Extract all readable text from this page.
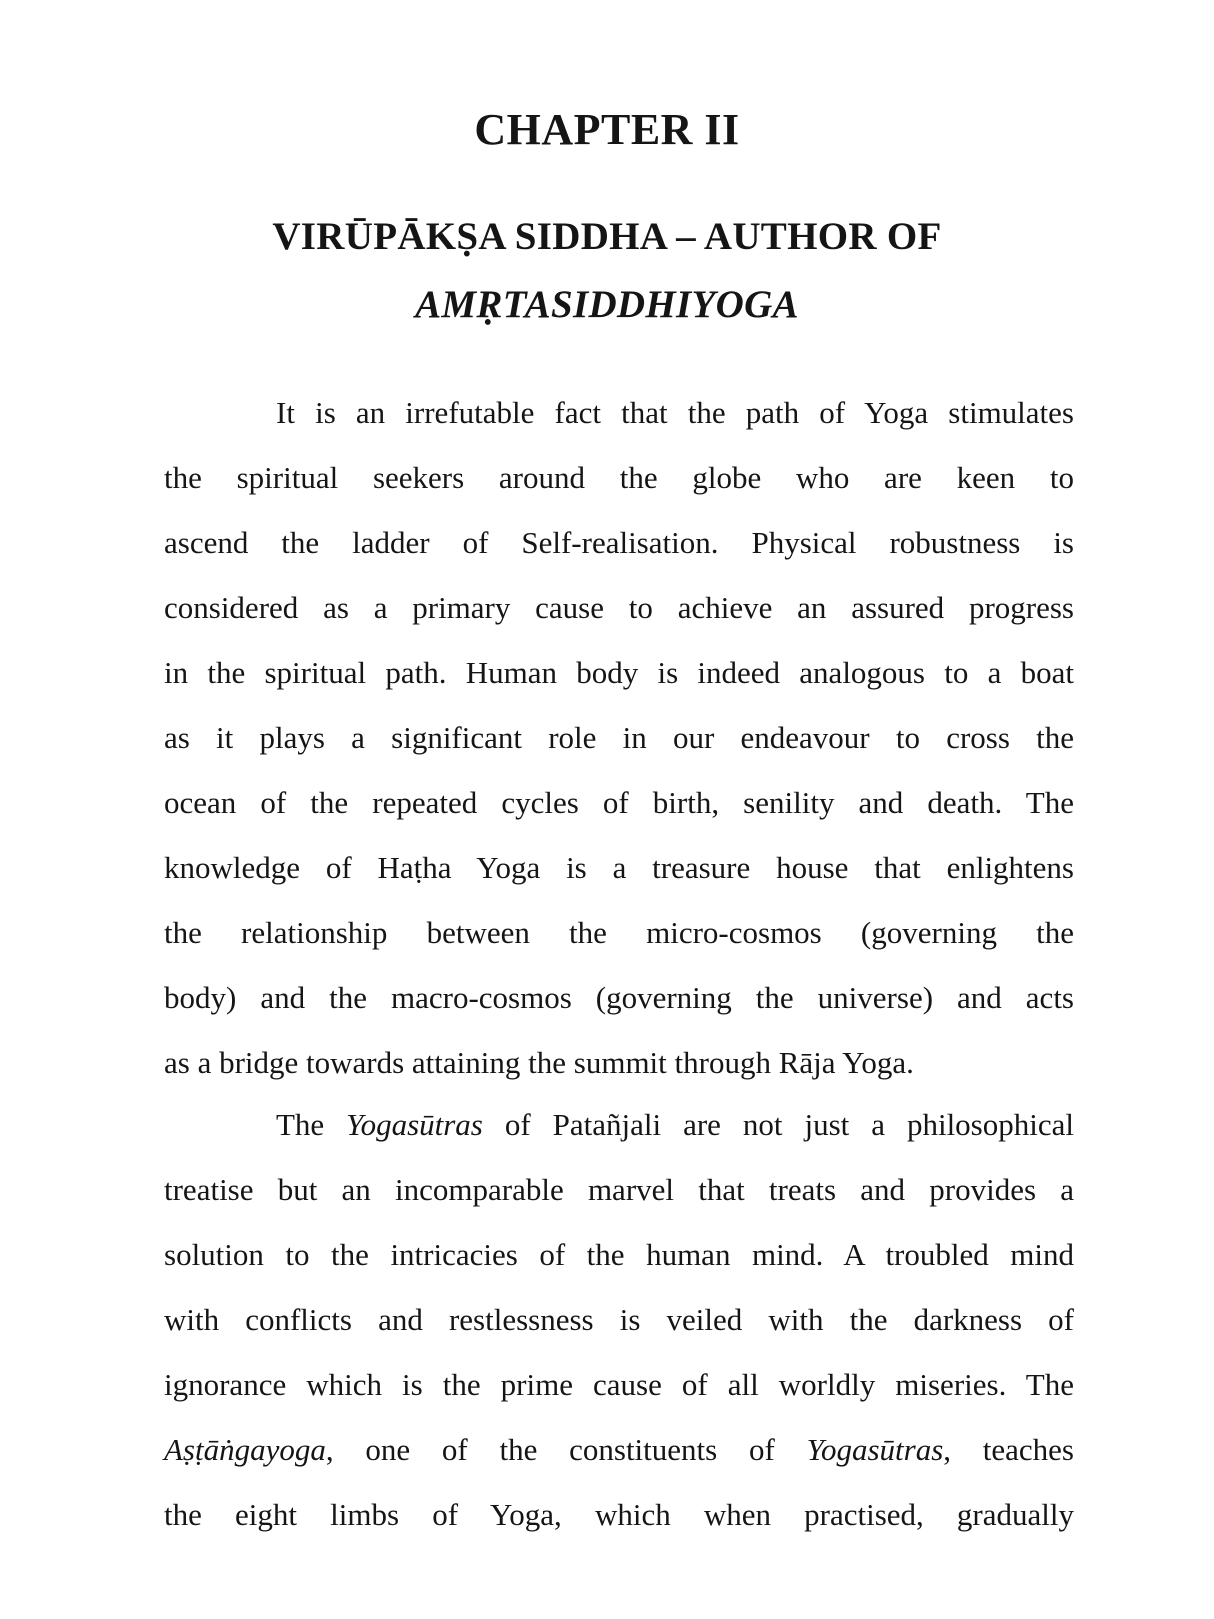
CHAPTER II
VIRŪPĀKṢA SIDDHA – AUTHOR OF
AMṚTASIDDHIYOGA
It is an irrefutable fact that the path of Yoga stimulates
the spiritual seekers around the globe who are keen to
ascend the ladder of Self-realisation. Physical robustness is
considered as a primary cause to achieve an assured progress
in the spiritual path. Human body is indeed analogous to a boat
as it plays a significant role in our endeavour to cross the
ocean of the repeated cycles of birth, senility and death. The
knowledge of Haṭha Yoga is a treasure house that enlightens
the relationship between the micro-cosmos (governing the
body) and the macro-cosmos (governing the universe) and acts
as a bridge towards attaining the summit through Rāja Yoga.
The Yogasūtras of Patañjali are not just a philosophical
treatise but an incomparable marvel that treats and provides a
solution to the intricacies of the human mind. A troubled mind
with conflicts and restlessness is veiled with the darkness of
ignorance which is the prime cause of all worldly miseries. The
Aṣṭāṅgayoga, one of the constituents of Yogasūtras, teaches
the eight limbs of Yoga, which when practised, gradually
